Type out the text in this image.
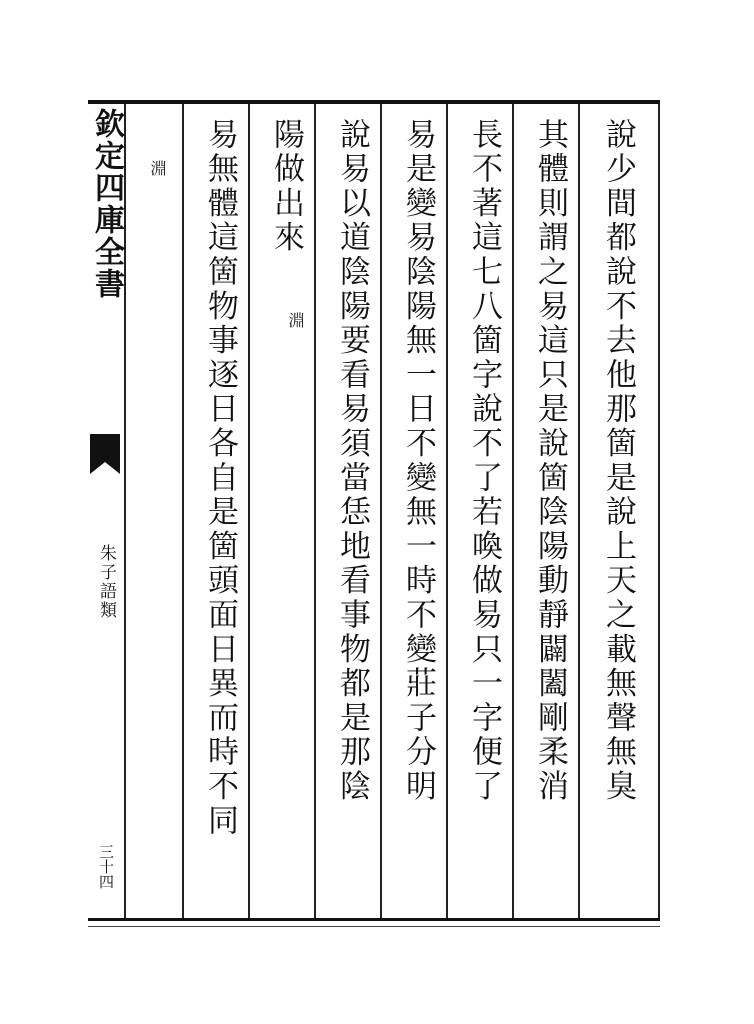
欽定四庫全書
朱子語類
三十四
說少間都說不去他那箇是說上天之載無聲無臭
其體則謂之易這只是說箇陰陽動靜闢闔剛柔消
長不著這七八箇字說不了若喚做易只一字便了
易是變易陰陽無一日不變無一時不變莊子分明
說易以道陰陽要看易須當恁地看事物都是那陰
陽做出來
淵
易無體這箇物事逐日各自是箇頭面日異而時不同
淵
